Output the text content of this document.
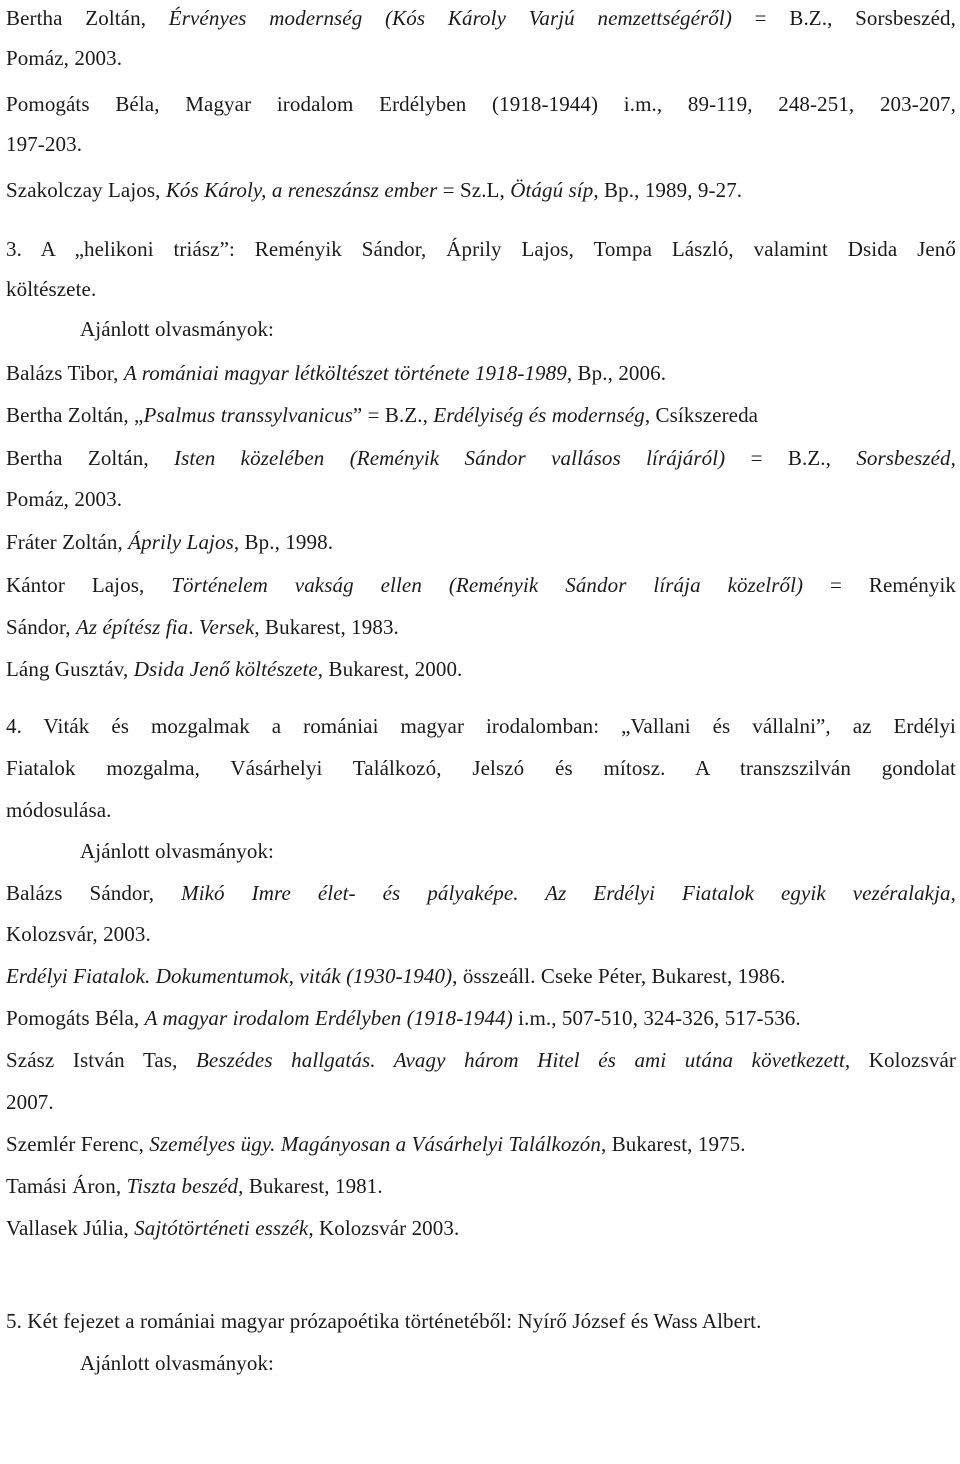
Bertha Zoltán, Érvényes modernség (Kós Károly Varjú nemzettségéről) = B.Z., Sorsbeszéd,
Pomáz, 2003.
Pomogáts Béla, Magyar irodalom Erdélyben (1918-1944) i.m., 89-119, 248-251, 203-207,
197-203.
Szakolczay Lajos, Kós Károly, a reneszánsz ember = Sz.L, Ötágú síp, Bp., 1989, 9-27.
3. A „helikoni triász”: Reményik Sándor, Áprily Lajos, Tompa László, valamint Dsida Jenő
költészete.
Ajánlott olvasmányok:
Balázs Tibor, A romániai magyar létköltészet története 1918-1989, Bp., 2006.
Bertha Zoltán, „Psalmus transsylvanicus” = B.Z., Erdélyiség és modernség, Csíkszereda
Bertha Zoltán, Isten közelében (Reményik Sándor vallásos lírájáról) = B.Z., Sorsbeszéd,
Pomáz, 2003.
Fráter Zoltán, Áprily Lajos, Bp., 1998.
Kántor Lajos, Történelem vakság ellen (Reményik Sándor lírája közelről) = Reményik
Sándor, Az építész fia. Versek, Bukarest, 1983.
Láng Gusztáv, Dsida Jenő költészete, Bukarest, 2000.
4. Viták és mozgalmak a romániai magyar irodalomban: „Vallani és vállalni”, az Erdélyi
Fiatalok mozgalma, Vásárhelyi Találkozó, Jelszó és mítosz. A transzszilván gondolat
módosulása.
Ajánlott olvasmányok:
Balázs Sándor, Mikó Imre élet- és pályaképe. Az Erdélyi Fiatalok egyik vezéralakja,
Kolozsvár, 2003.
Erdélyi Fiatalok. Dokumentumok, viták (1930-1940), összeáll. Cseke Péter, Bukarest, 1986.
Pomogáts Béla, A magyar irodalom Erdélyben (1918-1944) i.m., 507-510, 324-326, 517-536.
Szász István Tas, Beszédes hallgatás. Avagy három Hitel és ami utána következett, Kolozsvár
2007.
Szemlér Ferenc, Személyes ügy. Magányosan a Vásárhelyi Találkozón, Bukarest, 1975.
Tamási Áron, Tiszta beszéd, Bukarest, 1981.
Vallasek Júlia, Sajtótörténeti esszék, Kolozsvár 2003.
5. Két fejezet a romániai magyar prózapoétika történetéből: Nyírő József és Wass Albert.
Ajánlott olvasmányok:
